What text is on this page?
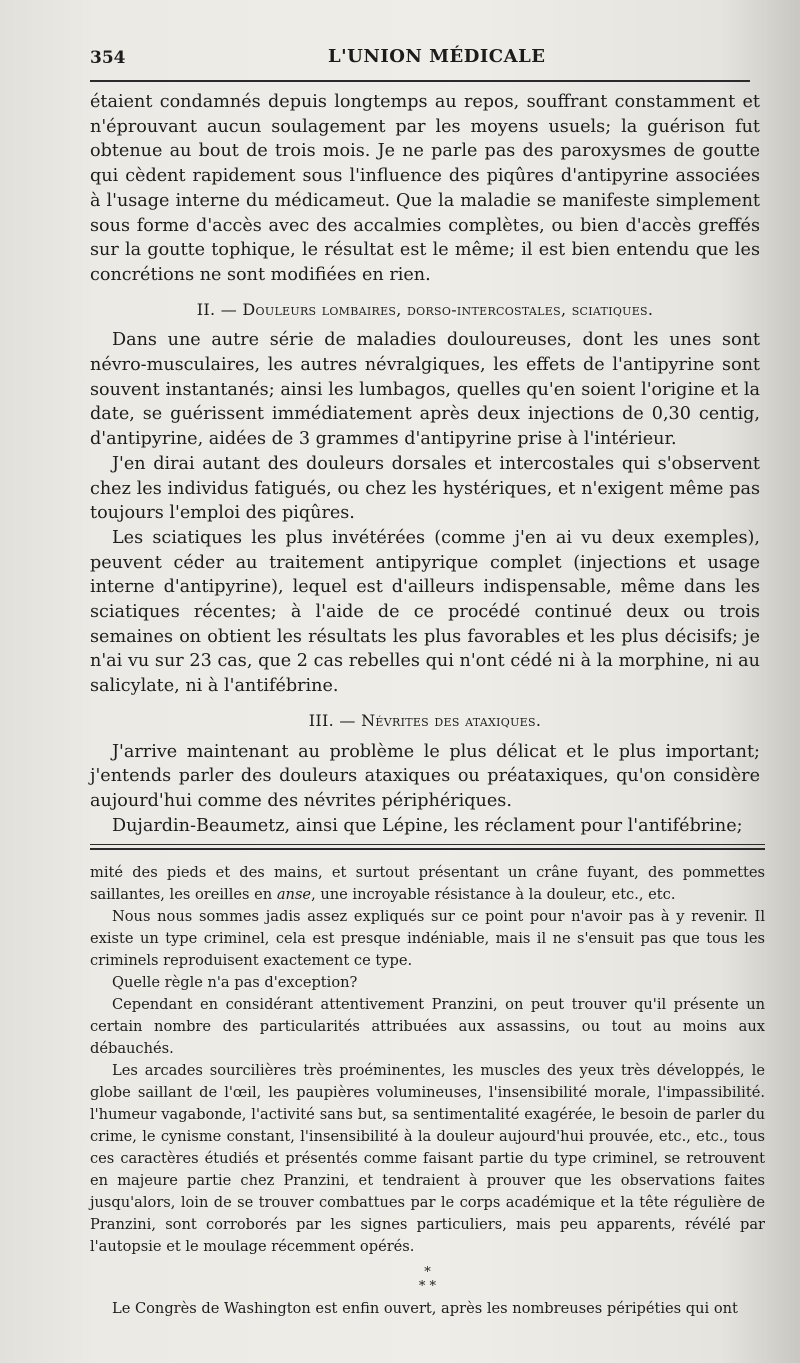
354	L'UNION MÉDICALE

étaient condamnés depuis longtemps au repos, souffrant constamment et n'éprouvant aucun soulagement par les moyens usuels; la guérison fut obtenue au bout de trois mois. Je ne parle pas des paroxysmes de goutte qui cèdent rapidement sous l'influence des piqûres d'antipyrine associées à l'usage interne du médicameut. Que la maladie se manifeste simplement sous forme d'accès avec des accalmies complètes, ou bien d'accès greffés sur la goutte tophique, le résultat est le même; il est bien entendu que les concrétions ne sont modifiées en rien.

II. — Douleurs lombaires, dorso-intercostales, sciatiques.

Dans une autre série de maladies douloureuses, dont les unes sont névro-musculaires, les autres névralgiques, les effets de l'antipyrine sont souvent instantanés; ainsi les lumbagos, quelles qu'en soient l'origine et la date, se guérissent immédiatement après deux injections de 0,30 centig, d'antipyrine, aidées de 3 grammes d'antipyrine prise à l'intérieur.

J'en dirai autant des douleurs dorsales et intercostales qui s'observent chez les individus fatigués, ou chez les hystériques, et n'exigent même pas toujours l'emploi des piqûres.

Les sciatiques les plus invétérées (comme j'en ai vu deux exemples), peuvent céder au traitement antipyrique complet (injections et usage interne d'antipyrine), lequel est d'ailleurs indispensable, même dans les sciatiques récentes; à l'aide de ce procédé continué deux ou trois semaines on obtient les résultats les plus favorables et les plus décisifs; je n'ai vu sur 23 cas, que 2 cas rebelles qui n'ont cédé ni à la morphine, ni au salicylate, ni à l'antifébrine.

III. — Névrites des ataxiques.

J'arrive maintenant au problème le plus délicat et le plus important; j'entends parler des douleurs ataxiques ou préataxiques, qu'on considère aujourd'hui comme des névrites périphériques.

Dujardin-Beaumetz, ainsi que Lépine, les réclament pour l'antifébrine;

mité des pieds et des mains, et surtout présentant un crâne fuyant, des pommettes saillantes, les oreilles en anse, une incroyable résistance à la douleur, etc., etc.

Nous nous sommes jadis assez expliqués sur ce point pour n'avoir pas à y revenir. Il existe un type criminel, cela est presque indéniable, mais il ne s'ensuit pas que tous les criminels reproduisent exactement ce type.

Quelle règle n'a pas d'exception?

Cependant en considérant attentivement Pranzini, on peut trouver qu'il présente un certain nombre des particularités attribuées aux assassins, ou tout au moins aux débauchés.

Les arcades sourcilières très proéminentes, les muscles des yeux très développés, le globe saillant de l'œil, les paupières volumineuses, l'insensibilité morale, l'impassibilité. l'humeur vagabonde, l'activité sans but, sa sentimentalité exagérée, le besoin de parler du crime, le cynisme constant, l'insensibilité à la douleur aujourd'hui prouvée, etc., etc., tous ces caractères étudiés et présentés comme faisant partie du type criminel, se retrouvent en majeure partie chez Pranzini, et tendraient à prouver que les observations faites jusqu'alors, loin de se trouver combattues par le corps académique et la tête régulière de Pranzini, sont corroborés par les signes particuliers, mais peu apparents, révélé par l'autopsie et le moulage récemment opérés.

*
* *

Le Congrès de Washington est enfin ouvert, après les nombreuses péripéties qui ont
